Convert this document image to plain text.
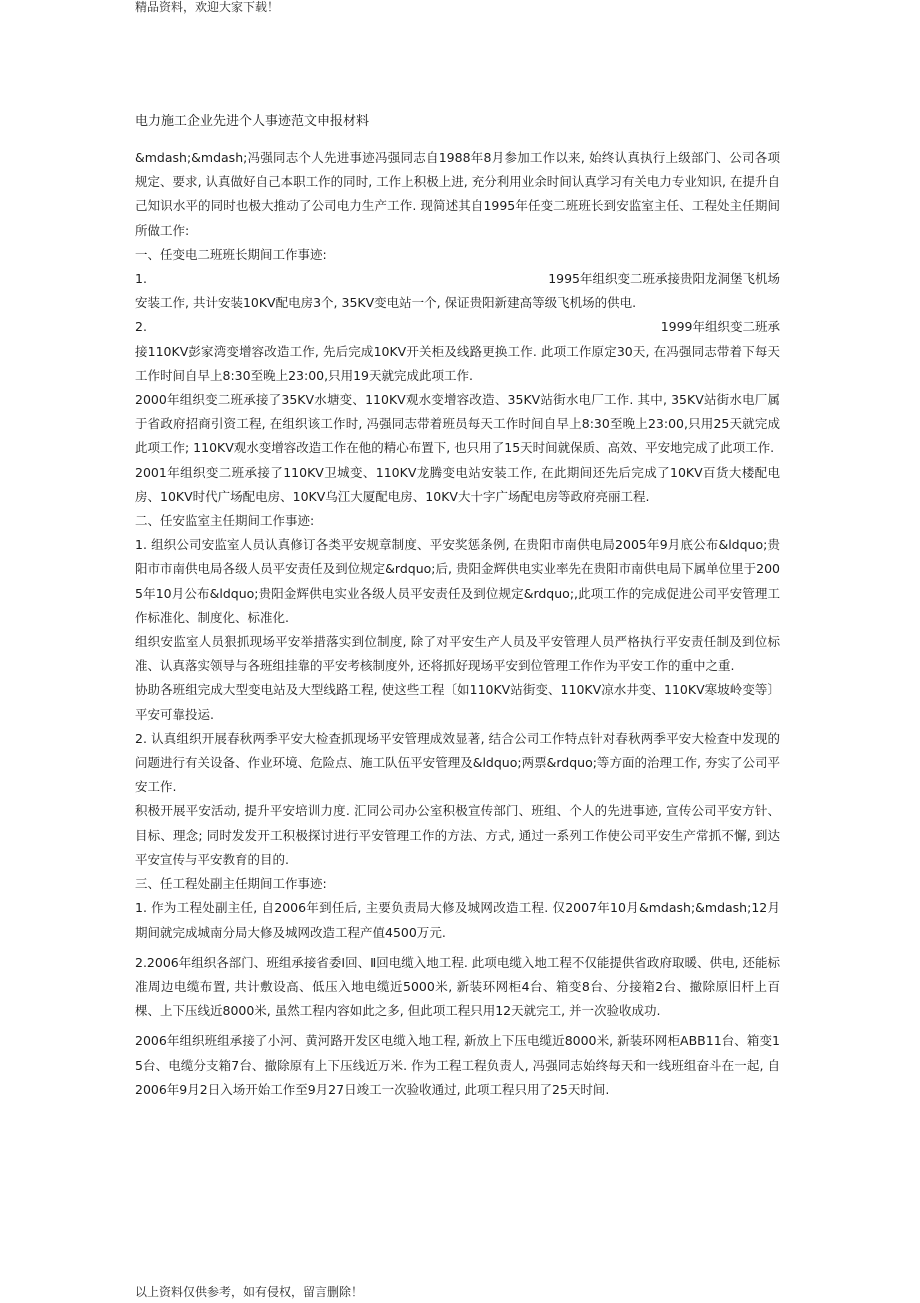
精品资料，欢迎大家下载！
电力施工企业先进个人事迹范文申报材料

&mdash;&mdash;冯强同志个人先进事迹冯强同志自1988年8月参加工作以来, 始终认真执行上级部门、公司各项规定、要求, 认真做好自己本职工作的同时, 工作上积极上进, 充分利用业余时间认真学习有关电力专业知识, 在提升自己知识水平的同时也极大推动了公司电力生产工作. 现简述其自1995年任变二班班长到安监室主任、工程处主任期间所做工作:

一、任变电二班班长期间工作事迹:

1.	1995年组织变二班承接贵阳龙洞堡飞机场

安装工作, 共计安装10KV配电房3个, 35KV变电站一个, 保证贵阳新建高等级飞机场的供电.

2.	1999年组织变二班承

接110KV彭家湾变增容改造工作, 先后完成10KV开关柜及线路更换工作. 此项工作原定30天, 在冯强同志带着下每天工作时间自早上8:30至晚上23:00,只用19天就完成此项工作.

2000年组织变二班承接了35KV水塘变、110KV观水变增容改造、35KV站街水电厂工作. 其中, 35KV站街水电厂属于省政府招商引资工程, 在组织该工作时, 冯强同志带着班员每天工作时间自早上8:30至晚上23:00,只用25天就完成此项工作; 110KV观水变增容改造工作在他的精心布置下, 也只用了15天时间就保质、高效、平安地完成了此项工作.

2001年组织变二班承接了110KV卫城变、110KV龙腾变电站安装工作, 在此期间还先后完成了10KV百货大楼配电房、10KV时代广场配电房、10KV乌江大厦配电房、10KV大十字广场配电房等政府亮丽工程.

二、任安监室主任期间工作事迹:

1. 组织公司安监室人员认真修订各类平安规章制度、平安奖惩条例, 在贵阳市南供电局2005年9月底公布&ldquo;贵阳市市南供电局各级人员平安责任及到位规定&rdquo;后, 贵阳金辉供电实业率先在贵阳市南供电局下属单位里于2005年10月公布&ldquo;贵阳金辉供电实业各级人员平安责任及到位规定&rdquo;,此项工作的完成促进公司平安管理工作标准化、制度化、标准化.

组织安监室人员狠抓现场平安举措落实到位制度, 除了对平安生产人员及平安管理人员严格执行平安责任制及到位标准、认真落实领导与各班组挂靠的平安考核制度外, 还将抓好现场平安到位管理工作作为平安工作的重中之重.

协助各班组完成大型变电站及大型线路工程, 使这些工程〔如110KV站街变、110KV凉水井变、110KV寒坡岭变等〕平安可靠投运.

2. 认真组织开展春秋两季平安大检查抓现场平安管理成效显著, 结合公司工作特点针对春秋两季平安大检查中发现的问题进行有关设备、作业环境、危险点、施工队伍平安管理及&ldquo;两票&rdquo;等方面的治理工作, 夯实了公司平安工作.

积极开展平安活动, 提升平安培训力度. 汇同公司办公室积极宣传部门、班组、个人的先进事迹, 宣传公司平安方针、目标、理念; 同时发发开工积极探讨进行平安管理工作的方法、方式, 通过一系列工作使公司平安生产常抓不懈, 到达平安宣传与平安教育的目的.

三、任工程处副主任期间工作事迹:

1. 作为工程处副主任, 自2006年到任后, 主要负责局大修及城网改造工程. 仅2007年10月&mdash;&mdash;12月期间就完成城南分局大修及城网改造工程产值4500万元.

2.2006年组织各部门、班组承接省委Ⅰ回、Ⅱ回电缆入地工程. 此项电缆入地工程不仅能提供省政府取暖、供电, 还能标准周边电缆布置, 共计敷设高、低压入地电缆近5000米, 新装环网柜4台、箱变8台、分接箱2台、撤除原旧杆上百棵、上下压线近8000米, 虽然工程内容如此之多, 但此项工程只用12天就完工, 并一次验收成功.

2006年组织班组承接了小河、黄河路开发区电缆入地工程, 新放上下压电缆近8000米, 新装环网柜ABB11台、箱变15台、电缆分支箱7台、撤除原有上下压线近万米. 作为工程工程负责人, 冯强同志始终每天和一线班组奋斗在一起, 自2006年9月2日入场开始工作至9月27日竣工一次验收通过, 此项工程只用了25天时间.

以上资料仅供参考，如有侵权，留言删除！
